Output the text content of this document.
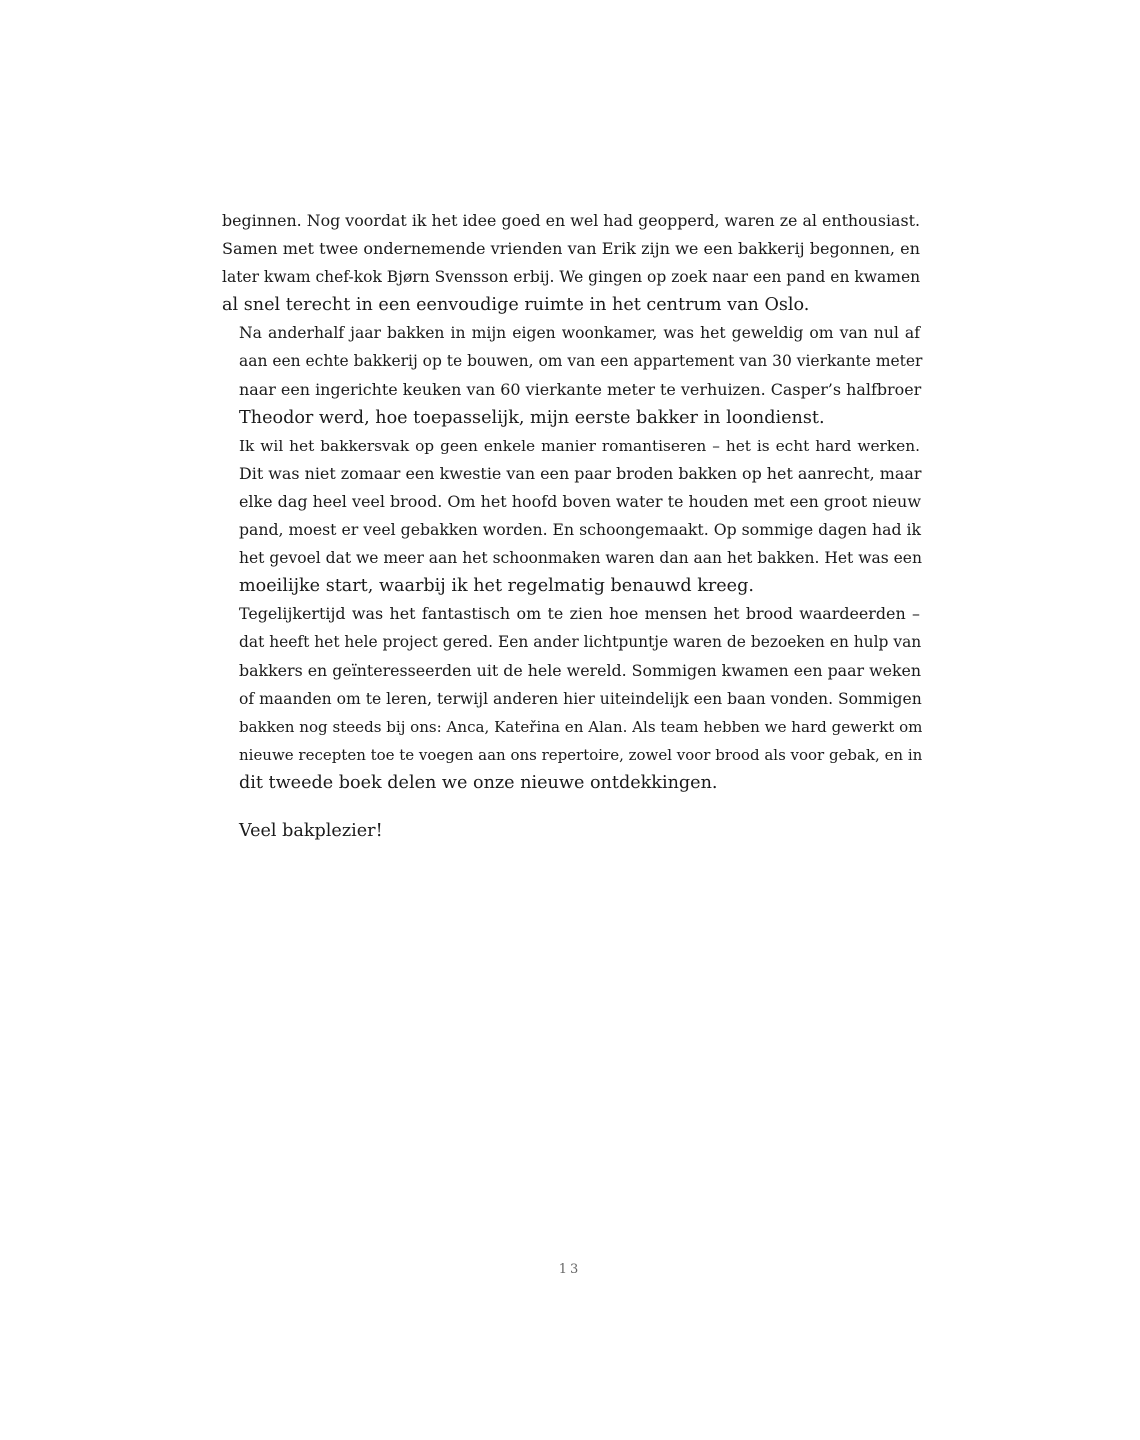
beginnen. Nog voordat ik het idee goed en wel had geopperd, waren ze al enthousiast.
Samen met twee ondernemende vrienden van Erik zijn we een bakkerij begonnen, en
later kwam chef-kok Bjørn Svensson erbij. We gingen op zoek naar een pand en kwamen
al snel terecht in een eenvoudige ruimte in het centrum van Oslo.

Na anderhalf jaar bakken in mijn eigen woonkamer, was het geweldig om van nul af
aan een echte bakkerij op te bouwen, om van een appartement van 30 vierkante meter
naar een ingerichte keuken van 60 vierkante meter te verhuizen. Casper’s halfbroer
Theodor werd, hoe toepasselijk, mijn eerste bakker in loondienst.

Ik wil het bakkersvak op geen enkele manier romantiseren – het is echt hard werken.
Dit was niet zomaar een kwestie van een paar broden bakken op het aanrecht, maar
elke dag heel veel brood. Om het hoofd boven water te houden met een groot nieuw
pand, moest er veel gebakken worden. En schoongemaakt. Op sommige dagen had ik
het gevoel dat we meer aan het schoonmaken waren dan aan het bakken. Het was een
moeilijke start, waarbij ik het regelmatig benauwd kreeg.

Tegelijkertijd was het fantastisch om te zien hoe mensen het brood waardeerden –
dat heeft het hele project gered. Een ander lichtpuntje waren de bezoeken en hulp van
bakkers en geïnteresseerden uit de hele wereld. Sommigen kwamen een paar weken
of maanden om te leren, terwijl anderen hier uiteindelijk een baan vonden. Sommigen
bakken nog steeds bij ons: Anca, Kateřina en Alan. Als team hebben we hard gewerkt om
nieuwe recepten toe te voegen aan ons repertoire, zowel voor brood als voor gebak, en in
dit tweede boek delen we onze nieuwe ontdekkingen.

Veel bakplezier!

13
